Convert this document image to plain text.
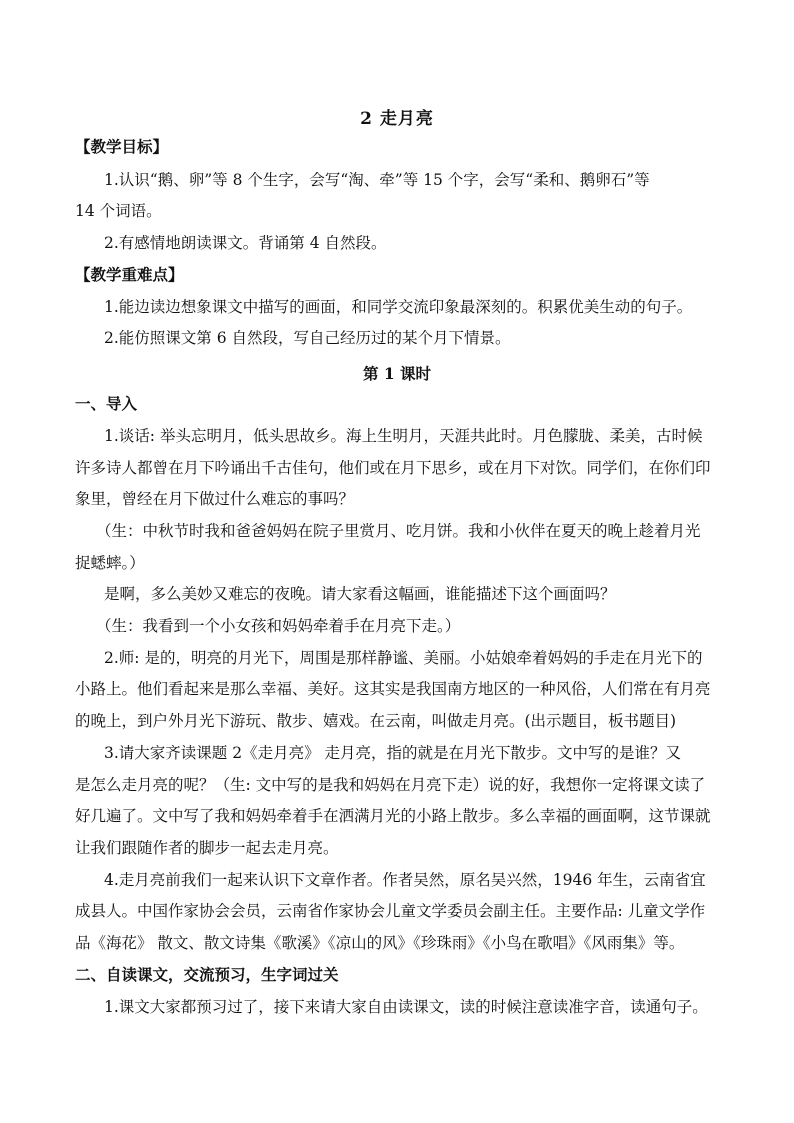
2 走月亮
【教学目标】
1.认识“鹅、卵”等 8 个生字，会写“淘、牵”等 15 个字，会写“柔和、鹅卵石”等
14 个词语。
2.有感情地朗读课文。背诵第 4 自然段。
【教学重难点】
1.能边读边想象课文中描写的画面，和同学交流印象最深刻的。积累优美生动的句子。
2.能仿照课文第 6 自然段，写自己经历过的某个月下情景。
第 1 课时
一、导入
1.谈话: 举头忘明月，低头思故乡。海上生明月，天涯共此时。月色朦胧、柔美，古时候
许多诗人都曾在月下吟诵出千古佳句，他们或在月下思乡，或在月下对饮。同学们，在你们印
象里，曾经在月下做过什么难忘的事吗？
（生：中秋节时我和爸爸妈妈在院子里赏月、吃月饼。我和小伙伴在夏天的晚上趁着月光
捉蟋蟀。）
是啊，多么美妙又难忘的夜晚。请大家看这幅画，谁能描述下这个画面吗？
（生：我看到一个小女孩和妈妈牵着手在月亮下走。）
2.师: 是的，明亮的月光下，周围是那样静谧、美丽。小姑娘牵着妈妈的手走在月光下的
小路上。他们看起来是那么幸福、美好。这其实是我国南方地区的一种风俗，人们常在有月亮
的晚上，到户外月光下游玩、散步、嬉戏。在云南，叫做走月亮。(出示题目，板书题目)
3.请大家齐读课题 2《走月亮》 走月亮，指的就是在月光下散步。文中写的是谁？又
是怎么走月亮的呢？（生: 文中写的是我和妈妈在月亮下走）说的好，我想你一定将课文读了
好几遍了。文中写了我和妈妈牵着手在洒满月光的小路上散步。多么幸福的画面啊，这节课就
让我们跟随作者的脚步一起去走月亮。
4.走月亮前我们一起来认识下文章作者。作者吴然，原名吴兴然，1946 年生，云南省宜
成县人。中国作家协会会员，云南省作家协会儿童文学委员会副主任。主要作品: 儿童文学作
品《海花》 散文、散文诗集《歌溪》《凉山的风》《珍珠雨》《小鸟在歌唱》《风雨集》等。
二、自读课文，交流预习，生字词过关
1.课文大家都预习过了，接下来请大家自由读课文，读的时候注意读准字音，读通句子。
